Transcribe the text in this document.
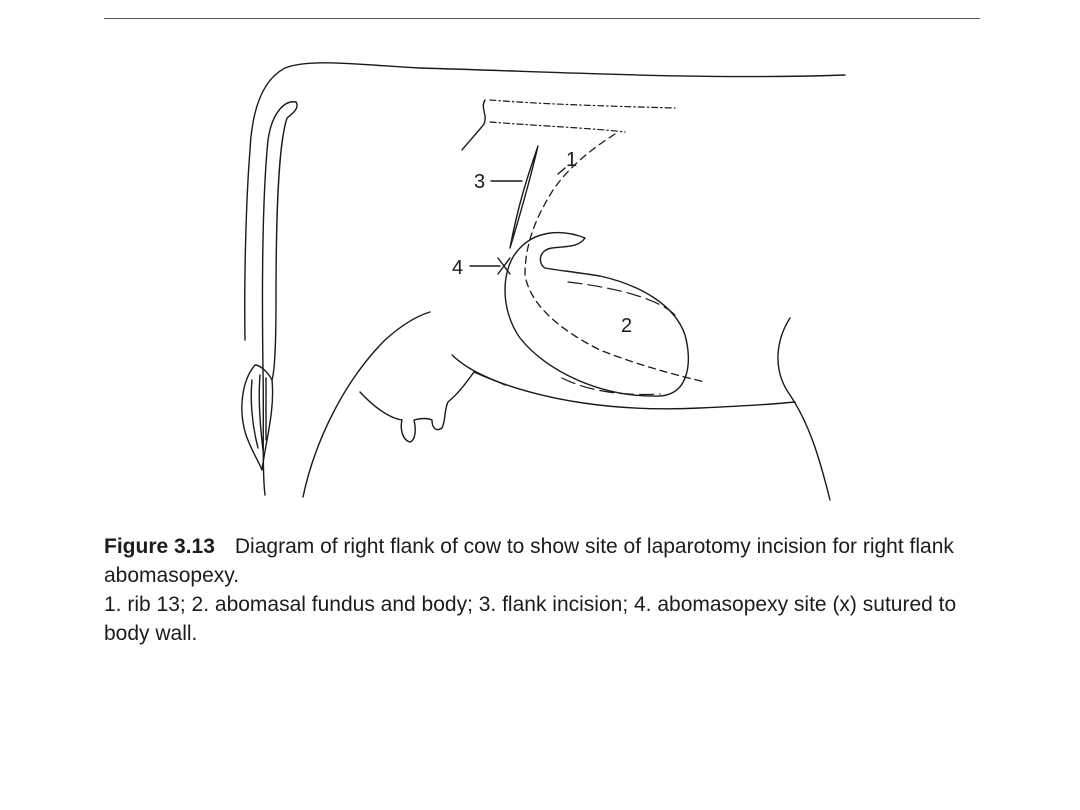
1
2
3
4

Figure 3.13 Diagram of right flank of cow to show site of laparotomy incision for right flank abomasopexy.

1. rib 13; 2. abomasal fundus and body; 3. flank incision; 4. abomasopexy site (x) sutured to body wall.
